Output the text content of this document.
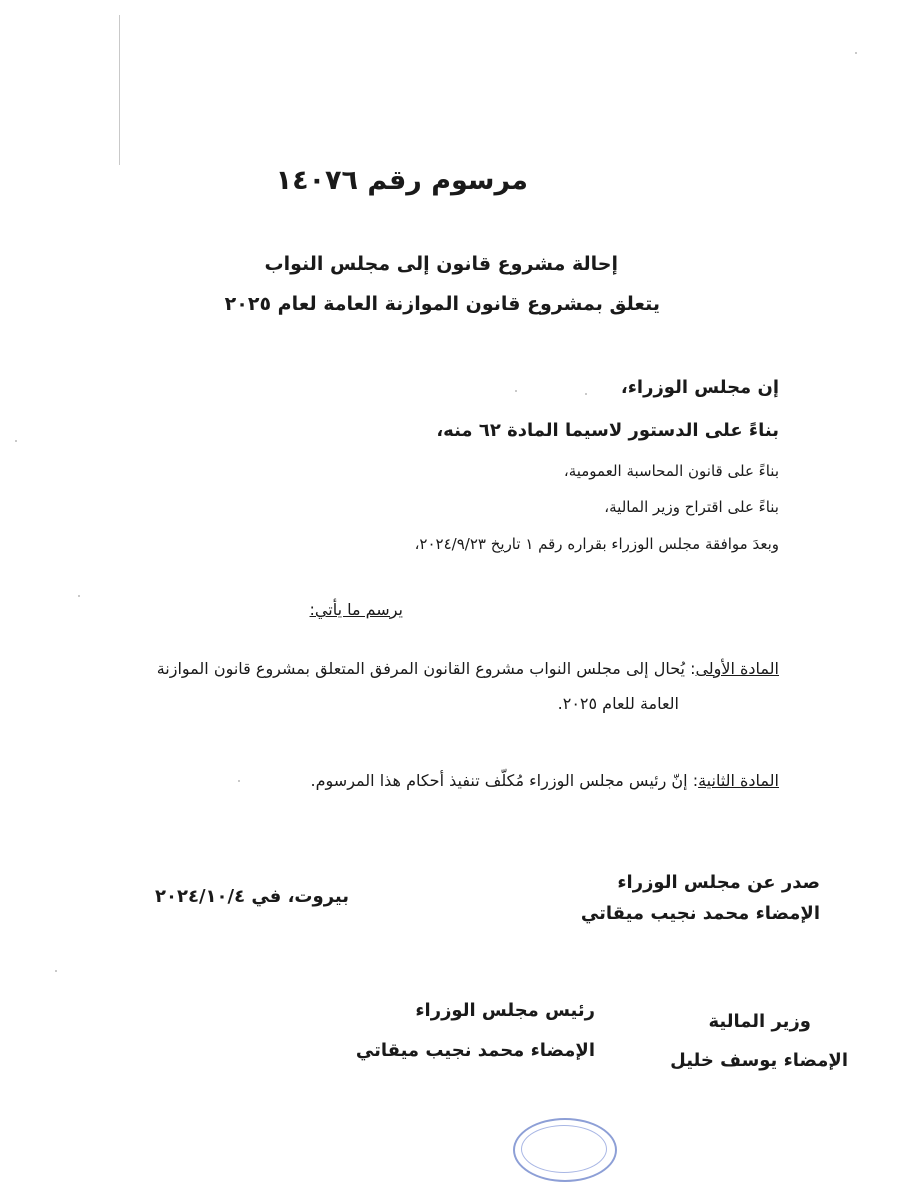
مرسوم رقم ١٤٠٧٦
إحالة مشروع قانون إلى مجلس النواب
يتعلق بمشروع قانون الموازنة العامة لعام ٢٠٢٥
إن مجلس الوزراء،
بناءً على الدستور لاسيما المادة ٦٢ منه،
بناءً على قانون المحاسبة العمومية،
بناءً على اقتراح وزير المالية،
وبعدَ موافقة مجلس الوزراء بقراره رقم ١ تاريخ ٢٠٢٤/٩/٢٣،
يرسم ما يأتي:
المادة الأولى: يُحال إلى مجلس النواب مشروع القانون المرفق المتعلق بمشروع قانون الموازنة
العامة للعام ٢٠٢٥.
المادة الثانية: إنّ رئيس مجلس الوزراء مُكلّف تنفيذ أحكام هذا المرسوم.
صدر عن مجلس الوزراء
الإمضاء محمد نجيب ميقاتي
بيروت، في ٢٠٢٤/١٠/٤
رئيس مجلس الوزراء
الإمضاء محمد نجيب ميقاتي
وزير المالية
الإمضاء يوسف خليل
